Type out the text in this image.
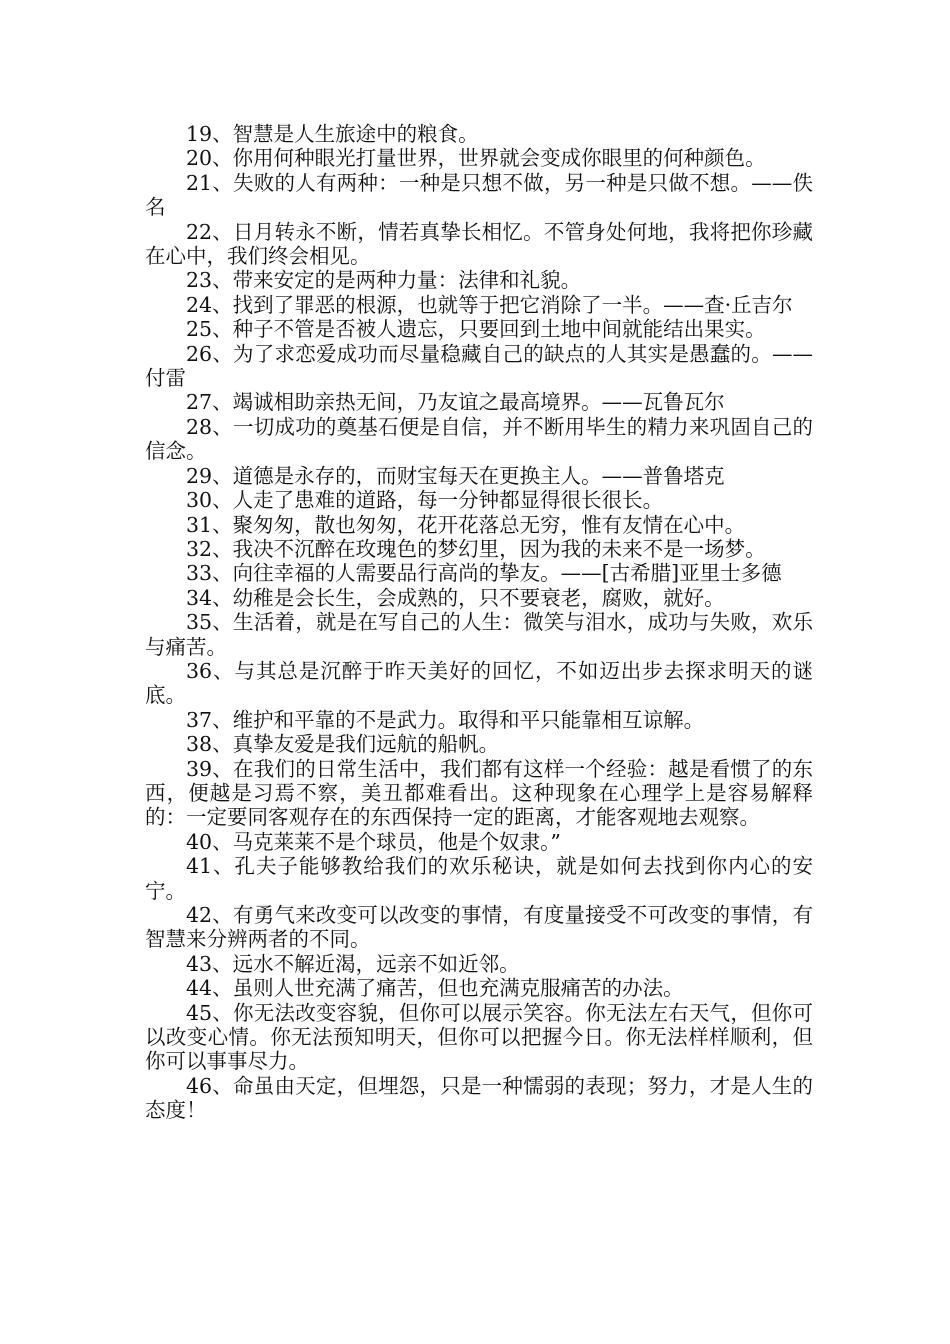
19、智慧是人生旅途中的粮食。

20、你用何种眼光打量世界，世界就会变成你眼里的何种颜色。

21、失败的人有两种：一种是只想不做，另一种是只做不想。——佚名

22、日月转永不断，情若真挚长相忆。不管身处何地，我将把你珍藏在心中，我们终会相见。

23、带来安定的是两种力量：法律和礼貌。

24、找到了罪恶的根源，也就等于把它消除了一半。——查·丘吉尔

25、种子不管是否被人遗忘，只要回到土地中间就能结出果实。

26、为了求恋爱成功而尽量稳藏自己的缺点的人其实是愚蠢的。——付雷

27、竭诚相助亲热无间，乃友谊之最高境界。——瓦鲁瓦尔

28、一切成功的奠基石便是自信，并不断用毕生的精力来巩固自己的信念。

29、道德是永存的，而财宝每天在更换主人。——普鲁塔克

30、人走了患难的道路，每一分钟都显得很长很长。

31、聚匆匆，散也匆匆，花开花落总无穷，惟有友情在心中。

32、我决不沉醉在玫瑰色的梦幻里，因为我的未来不是一场梦。

33、向往幸福的人需要品行高尚的挚友。——[古希腊]亚里士多德

34、幼稚是会长生，会成熟的，只不要衰老，腐败，就好。

35、生活着，就是在写自己的人生：微笑与泪水，成功与失败，欢乐与痛苦。

36、与其总是沉醉于昨天美好的回忆，不如迈出步去探求明天的谜底。

37、维护和平靠的不是武力。取得和平只能靠相互谅解。

38、真挚友爱是我们远航的船帆。

39、在我们的日常生活中，我们都有这样一个经验：越是看惯了的东西，便越是习焉不察，美丑都难看出。这种现象在心理学上是容易解释的：一定要同客观存在的东西保持一定的距离，才能客观地去观察。

40、马克莱莱不是个球员，他是个奴隶。”

41、孔夫子能够教给我们的欢乐秘诀，就是如何去找到你内心的安宁。

42、有勇气来改变可以改变的事情，有度量接受不可改变的事情，有智慧来分辨两者的不同。

43、远水不解近渴，远亲不如近邻。

44、虽则人世充满了痛苦，但也充满克服痛苦的办法。

45、你无法改变容貌，但你可以展示笑容。你无法左右天气，但你可以改变心情。你无法预知明天，但你可以把握今日。你无法样样顺利，但你可以事事尽力。

46、命虽由天定，但埋怨，只是一种懦弱的表现；努力，才是人生的态度！
